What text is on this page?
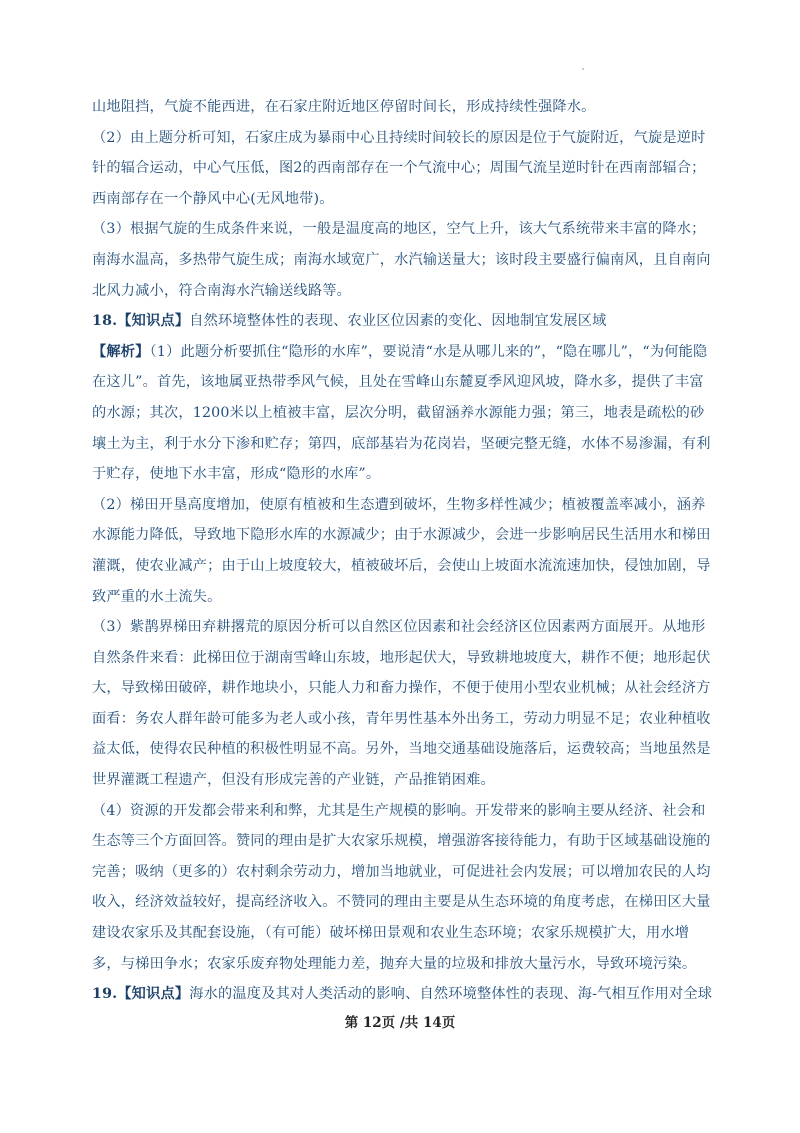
山地阻挡，气旋不能西进，在石家庄附近地区停留时间长，形成持续性强降水。

（2）由上题分析可知，石家庄成为暴雨中心且持续时间较长的原因是位于气旋附近，气旋是逆时针的辐合运动，中心气压低，图2的西南部存在一个气流中心；周围气流呈逆时针在西南部辐合；西南部存在一个静风中心(无风地带)。

（3）根据气旋的生成条件来说，一般是温度高的地区，空气上升，该大气系统带来丰富的降水；南海水温高，多热带气旋生成；南海水域宽广，水汽输送量大；该时段主要盛行偏南风，且自南向北风力减小，符合南海水汽输送线路等。

18.【知识点】自然环境整体性的表现、农业区位因素的变化、因地制宜发展区域

【解析】（1）此题分析要抓住“隐形的水库”，要说清“水是从哪儿来的”，“隐在哪儿”，“为何能隐在这儿”。首先，该地属亚热带季风气候，且处在雪峰山东麓夏季风迎风坡，降水多，提供了丰富的水源；其次，1200米以上植被丰富，层次分明，截留涵养水源能力强；第三，地表是疏松的砂壤土为主，利于水分下渗和贮存；第四，底部基岩为花岗岩，坚硬完整无缝，水体不易渗漏，有利于贮存，使地下水丰富，形成“隐形的水库”。

（2）梯田开垦高度增加，使原有植被和生态遭到破坏，生物多样性减少；植被覆盖率减小，涵养水源能力降低，导致地下隐形水库的水源减少；由于水源减少，会进一步影响居民生活用水和梯田灌溉，使农业减产；由于山上坡度较大，植被破坏后，会使山上坡面水流流速加快，侵蚀加剧，导致严重的水土流失。

（3）紫鹊界梯田弃耕撂荒的原因分析可以自然区位因素和社会经济区位因素两方面展开。从地形自然条件来看：此梯田位于湖南雪峰山东坡，地形起伏大，导致耕地坡度大，耕作不便；地形起伏大，导致梯田破碎，耕作地块小，只能人力和畜力操作，不便于使用小型农业机械；从社会经济方面看：务农人群年龄可能多为老人或小孩，青年男性基本外出务工，劳动力明显不足；农业种植收益太低，使得农民种植的积极性明显不高。另外，当地交通基础设施落后，运费较高；当地虽然是世界灌溉工程遗产，但没有形成完善的产业链，产品推销困难。

（4）资源的开发都会带来利和弊，尤其是生产规模的影响。开发带来的影响主要从经济、社会和生态等三个方面回答。赞同的理由是扩大农家乐规模，增强游客接待能力，有助于区域基础设施的完善；吸纳（更多的）农村剩余劳动力，增加当地就业，可促进社会内发展；可以增加农民的人均收入，经济效益较好，提高经济收入。不赞同的理由主要是从生态环境的角度考虑，在梯田区大量建设农家乐及其配套设施，（有可能）破坏梯田景观和农业生态环境；农家乐规模扩大，用水增多，与梯田争水；农家乐废弃物处理能力差，抛弃大量的垃圾和排放大量污水，导致环境污染。

19.【知识点】海水的温度及其对人类活动的影响、自然环境整体性的表现、海-气相互作用对全球

第 12页 /共 14页
